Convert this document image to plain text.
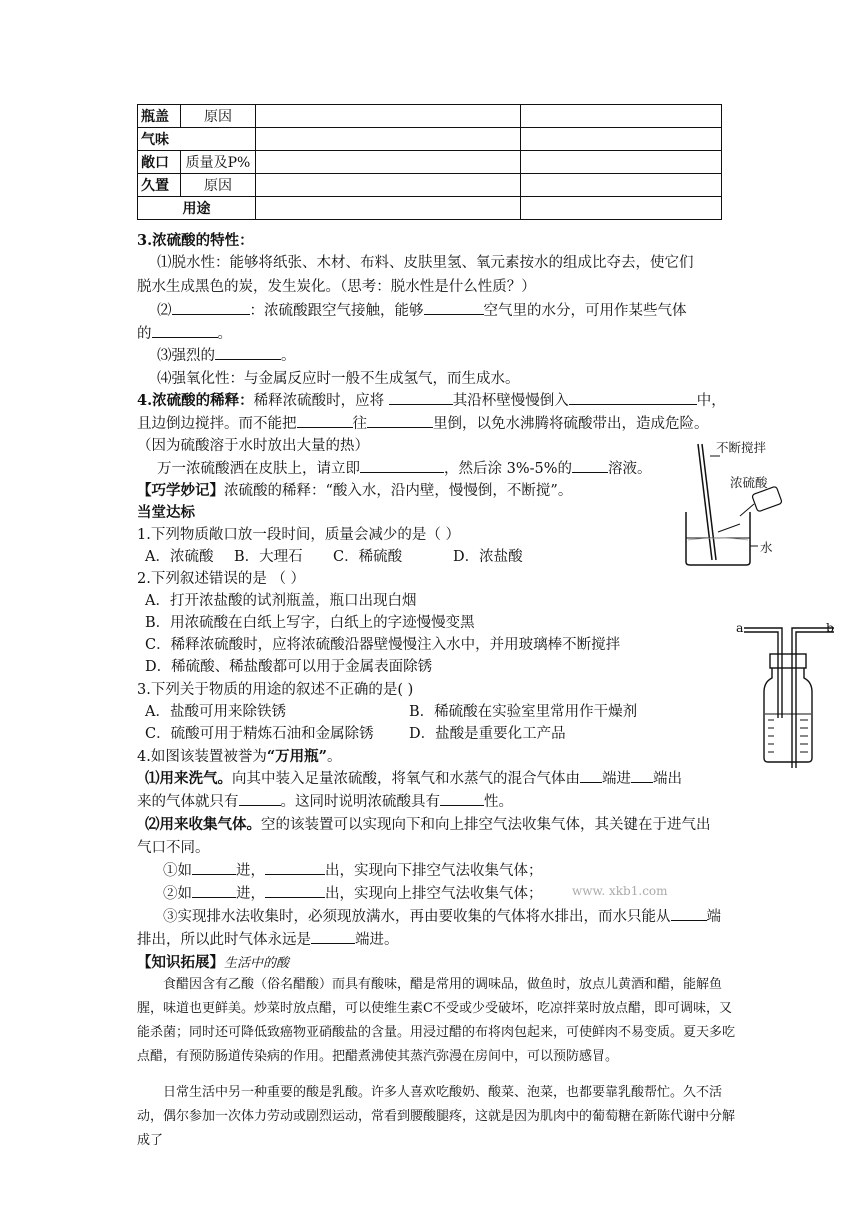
瓶盖	原因		
气味			
敞口	质量及P%		
久置	原因		
用途			
3.浓硫酸的特性：
⑴脱水性：能够将纸张、木材、布料、皮肤里氢、氧元素按水的组成比夺去，使它们
脱水生成黑色的炭，发生炭化。（思考：脱水性是什么性质？）
⑵	：浓硫酸跟空气接触，能够	空气里的水分，可用作某些气体
的	。
⑶强烈的	。
⑷强氧化性：与金属反应时一般不生成氢气，而生成水。
4.浓硫酸的稀释：稀释浓硫酸时，应将	其沿杯壁慢慢倒入	中，
且边倒边搅拌。而不能把	往	里倒，以免水沸腾将硫酸带出，造成危险。
（因为硫酸溶于水时放出大量的热）
万一浓硫酸洒在皮肤上，请立即	，然后涂 3%-5%的 溶液。
【巧学妙记】浓硫酸的稀释：“酸入水，沿内壁，慢慢倒，不断搅”。
不断搅拌
浓硫酸
水
当堂达标
1.下列物质敞口放一段时间，质量会减少的是（ ）
A．浓硫酸 B．大理石 C．稀硫酸	D．浓盐酸
2.下列叙述错误的是 （ ）
A．打开浓盐酸的试剂瓶盖，瓶口出现白烟
B．用浓硫酸在白纸上写字，白纸上的字迹慢慢变黑
C．稀释浓硫酸时，应将浓硫酸沿器壁慢慢注入水中，并用玻璃棒不断搅拌
D．稀硫酸、稀盐酸都可以用于金属表面除锈
3.下列关于物质的用途的叙述不正确的是( )
A．盐酸可用来除铁锈	B．稀硫酸在实验室里常用作干燥剂
C．硫酸可用于精炼石油和金属除锈 D．盐酸是重要化工产品
4.如图该装置被誉为“万用瓶”。
⑴用来洗气。向其中装入足量浓硫酸，将氧气和水蒸气的混合气体由 端进 端出
来的气体就只有	。这同时说明浓硫酸具有	性。
⑵用来收集气体。空的该装置可以实现向下和向上排空气法收集气体，其关键在于进气出
气口不同。
①如	进，	出，实现向下排空气法收集气体；
②如	进，	出，实现向上排空气法收集气体； www. xkb1.com
③实现排水法收集时，必须现放满水，再由要收集的气体将水排出，而水只能从 端
排出，所以此时气体永远是	端进。
a	b
【知识拓展】生活中的酸
食醋因含有乙酸（俗名醋酸）而具有酸味，醋是常用的调味品，做鱼时，放点儿黄酒和醋，能解鱼腥，味道也更鲜美。炒菜时放点醋，可以使维生素C不受或少受破坏，吃凉拌菜时放点醋，即可调味，又能杀菌；同时还可降低致癌物亚硝酸盐的含量。用浸过醋的布将肉包起来，可使鲜肉不易变质。夏天多吃点醋，有预防肠道传染病的作用。把醋煮沸使其蒸汽弥漫在房间中，可以预防感冒。
日常生活中另一种重要的酸是乳酸。许多人喜欢吃酸奶、酸菜、泡菜，也都要靠乳酸帮忙。久不活动，偶尔参加一次体力劳动或剧烈运动，常看到腰酸腿疼，这就是因为肌肉中的葡萄糖在新陈代谢中分解成了
